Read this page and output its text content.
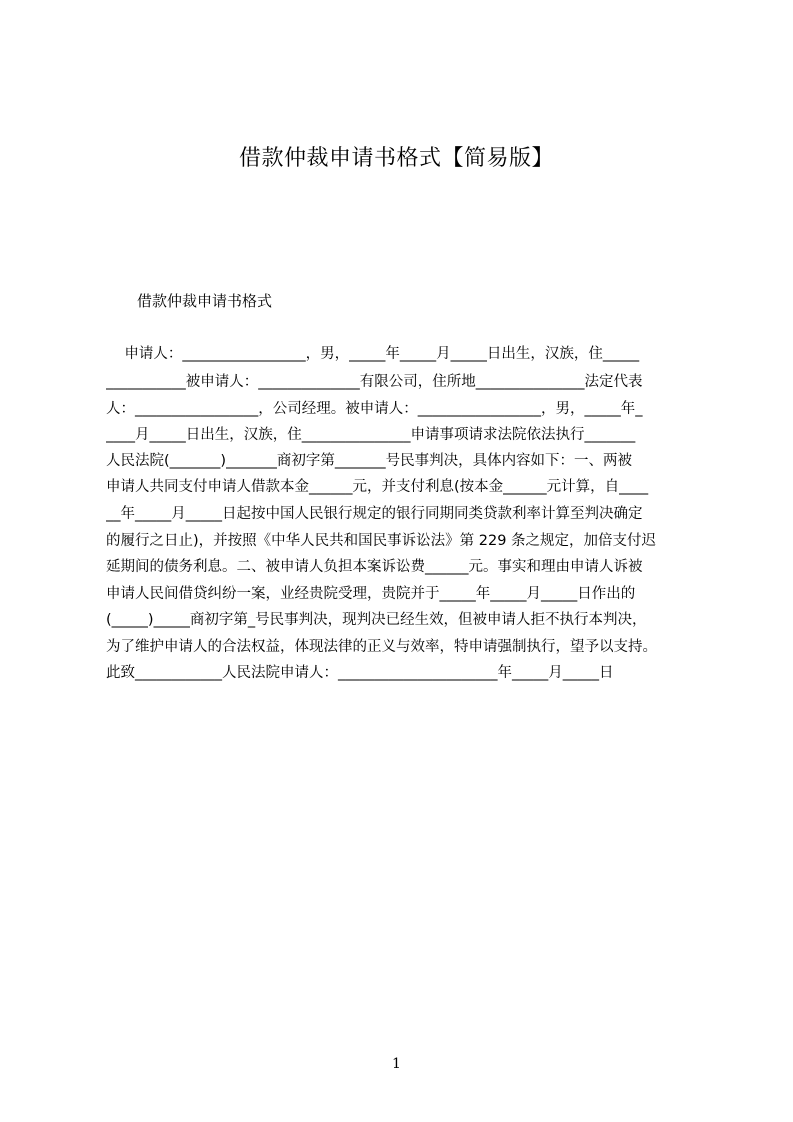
借款仲裁申请书格式【简易版】
借款仲裁申请书格式
申请人：_________________，男，_____年_____月_____日出生，汉族，住_____
___________被申请人：______________有限公司，住所地_______________法定代表
人：_________________，公司经理。被申请人：_________________，男，_____年_
____月_____日出生，汉族，住_______________申请事项请求法院依法执行_______
人民法院(_______)_______商初字第_______号民事判决，具体内容如下：一、两被
申请人共同支付申请人借款本金______元，并支付利息(按本金______元计算，自____
__年_____月_____日起按中国人民银行规定的银行同期同类贷款利率计算至判决确定
的履行之日止)，并按照《中华人民共和国民事诉讼法》第 229 条之规定，加倍支付迟
延期间的债务利息。二、被申请人负担本案诉讼费______元。事实和理由申请人诉被
申请人民间借贷纠纷一案，业经贵院受理，贵院并于_____年_____月_____日作出的
(_____)_____商初字第_号民事判决，现判决已经生效，但被申请人拒不执行本判决，
为了维护申请人的合法权益，体现法律的正义与效率，特申请强制执行，望予以支持。
此致____________人民法院申请人：______________________年_____月_____日
1
